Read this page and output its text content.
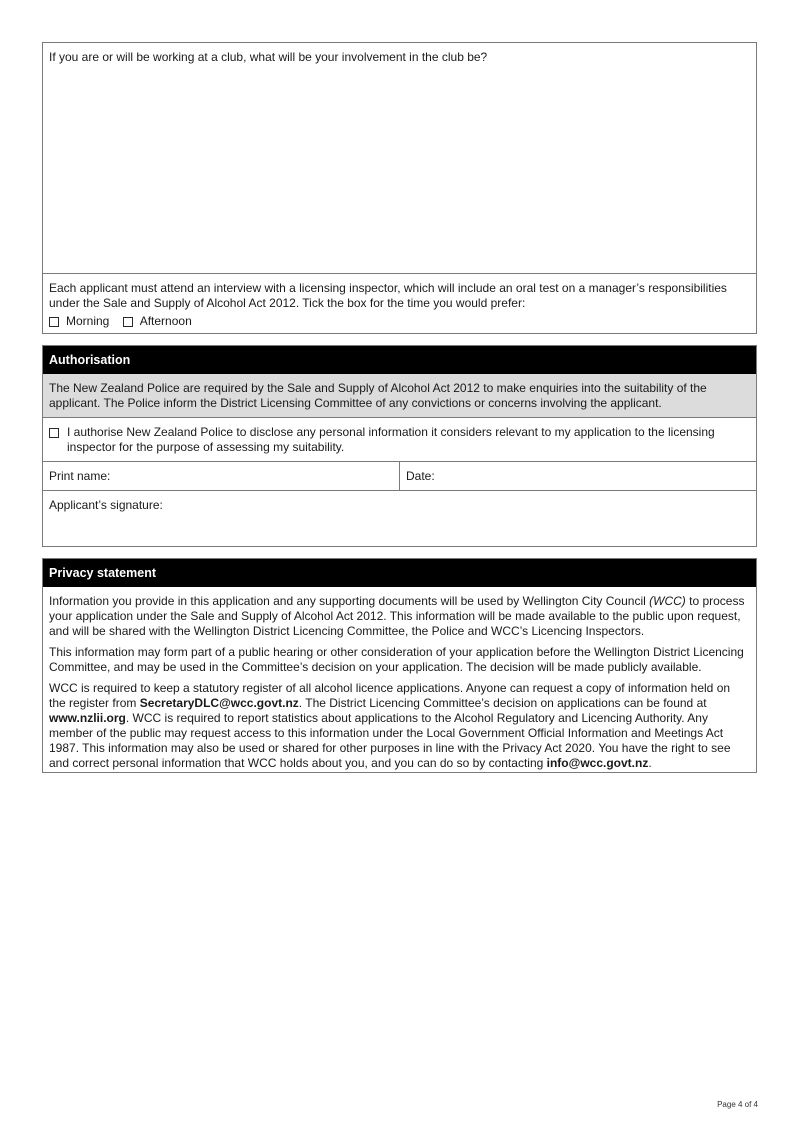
If you are or will be working at a club, what will be your involvement in the club be?
Each applicant must attend an interview with a licensing inspector, which will include an oral test on a manager’s responsibilities under the Sale and Supply of Alcohol Act 2012. Tick the box for the time you would prefer:
Morning
	Afternoon
Authorisation
The New Zealand Police are required by the Sale and Supply of Alcohol Act 2012 to make enquiries into the suitability of the applicant. The Police inform the District Licensing Committee of any convictions or concerns involving the applicant.
I authorise New Zealand Police to disclose any personal information it considers relevant to my application to the licensing
inspector for the purpose of assessing my suitability.
Print name:	Date:
Applicant’s signature:
Privacy statement

Information you provide in this application and any supporting documents will be used by Wellington City Council (WCC) to process your application under the Sale and Supply of Alcohol Act 2012. This information will be made available to the public upon request, and will be shared with the Wellington District Licencing Committee, the Police and WCC’s Licencing Inspectors.

This information may form part of a public hearing or other consideration of your application before the Wellington District Licencing Committee, and may be used in the Committee’s decision on your application. The decision will be made publicly available.

WCC is required to keep a statutory register of all alcohol licence applications. Anyone can request a copy of information held on the register from SecretaryDLC@wcc.govt.nz. The District Licencing Committee’s decision on applications can be found at www.nzlii.org. WCC is required to report statistics about applications to the Alcohol Regulatory and Licencing Authority. Any member of the public may request access to this information under the Local Government Official Information and Meetings Act 1987. This information may also be used or shared for other purposes in line with the Privacy Act 2020. You have the right to see and correct personal information that WCC holds about you, and you can do so by contacting info@wcc.govt.nz.

Page 4 of 4
